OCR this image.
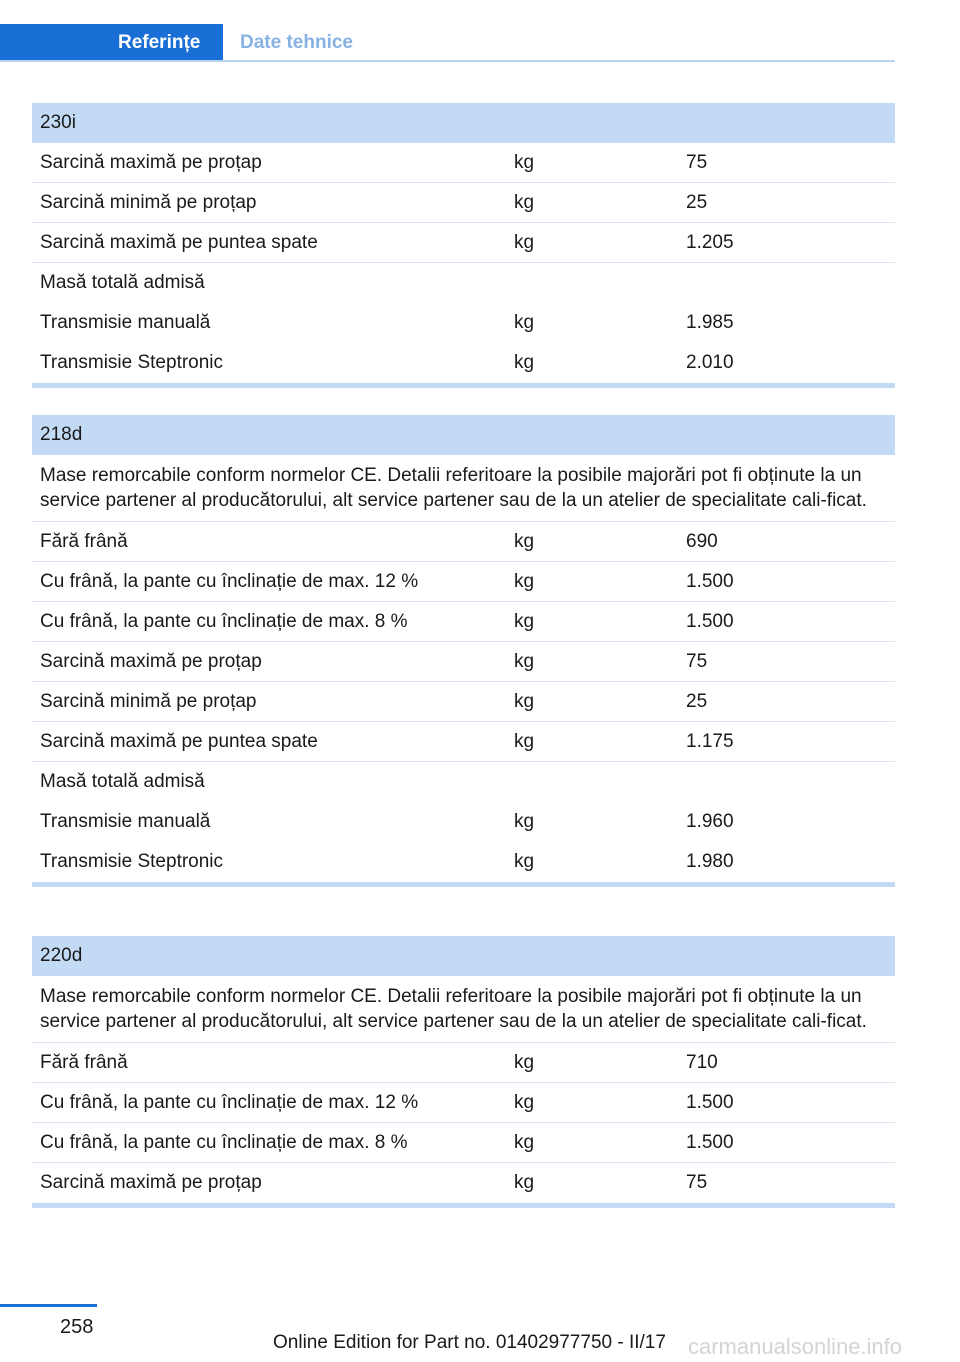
Referințe	Date tehnice
230i
Sarcină maximă pe proțap	kg	75
Sarcină minimă pe proțap	kg	25
Sarcină maximă pe puntea spate	kg	1.205
Masă totală admisă
Transmisie manuală	kg	1.985
Transmisie Steptronic	kg	2.010
218d
Mase remorcabile conform normelor CE. Detalii referitoare la posibile majorări pot fi obținute la un service partener al producătorului, alt service partener sau de la un atelier de specialitate cali-ficat.
Fără frână	kg	690
Cu frână, la pante cu înclinație de max. 12 %	kg	1.500
Cu frână, la pante cu înclinație de max. 8 %	kg	1.500
Sarcină maximă pe proțap	kg	75
Sarcină minimă pe proțap	kg	25
Sarcină maximă pe puntea spate	kg	1.175
Masă totală admisă
Transmisie manuală	kg	1.960
Transmisie Steptronic	kg	1.980
220d
Mase remorcabile conform normelor CE. Detalii referitoare la posibile majorări pot fi obținute la un service partener al producătorului, alt service partener sau de la un atelier de specialitate cali-ficat.
Fără frână	kg	710
Cu frână, la pante cu înclinație de max. 12 %	kg	1.500
Cu frână, la pante cu înclinație de max. 8 %	kg	1.500
Sarcină maximă pe proțap	kg	75
258
Online Edition for Part no. 01402977750 - II/17 carmanualsonline.info
